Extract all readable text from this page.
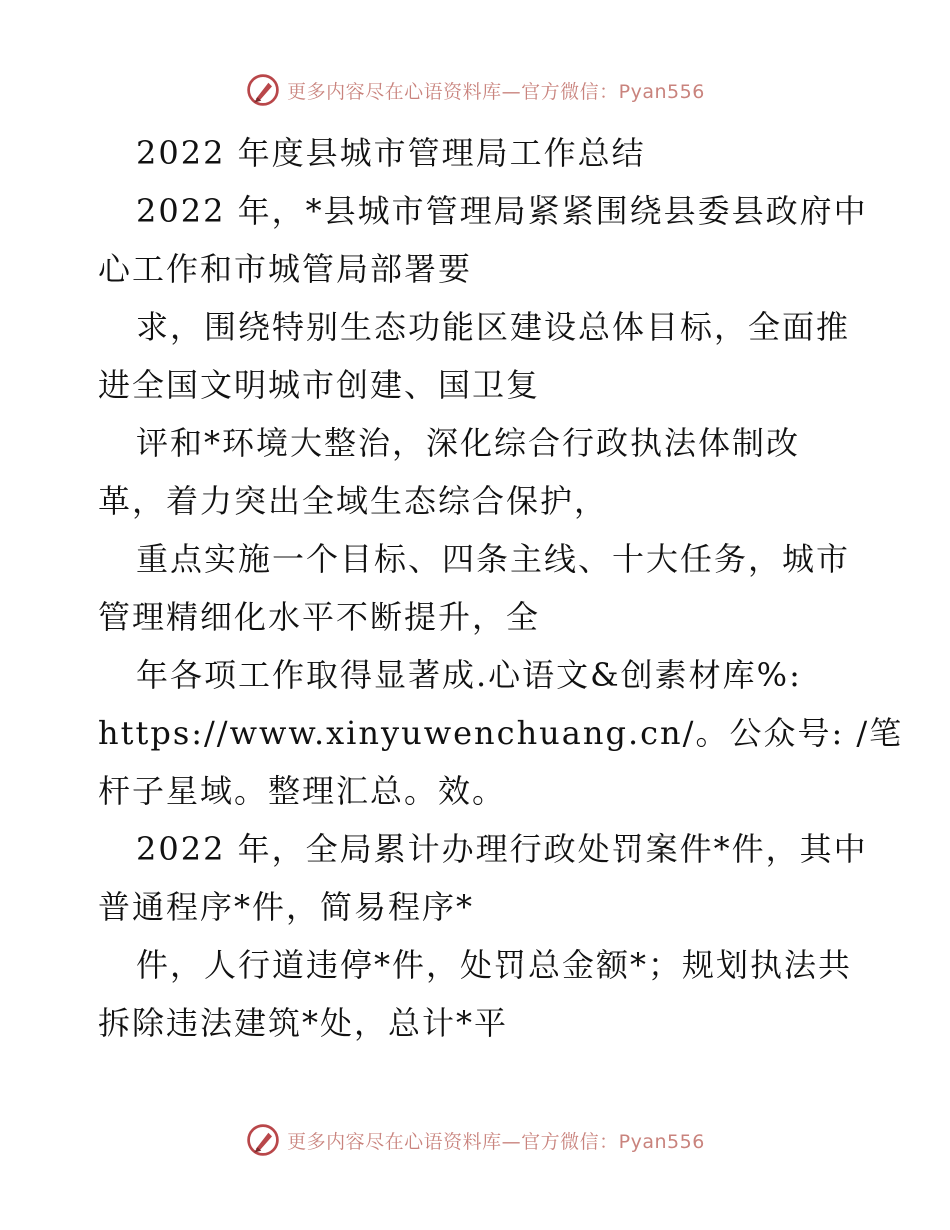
更多内容尽在心语资料库—官方微信：Pyan556
2022 年度县城市管理局工作总结
2022 年，*县城市管理局紧紧围绕县委县政府中
心工作和市城管局部署要
求，围绕特别生态功能区建设总体目标，全面推
进全国文明城市创建、国卫复
评和*环境大整治，深化综合行政执法体制改
革，着力突出全域生态综合保护，
重点实施一个目标、四条主线、十大任务，城市
管理精细化水平不断提升，全
年各项工作取得显著成.心语文&创素材库%:
https://www.xinyuwenchuang.cn/。公众号: /笔
杆子星域。整理汇总。效。
2022 年，全局累计办理行政处罚案件*件，其中
普通程序*件，简易程序*
件，人行道违停*件，处罚总金额*；规划执法共
拆除违法建筑*处，总计*平
更多内容尽在心语资料库—官方微信：Pyan556
